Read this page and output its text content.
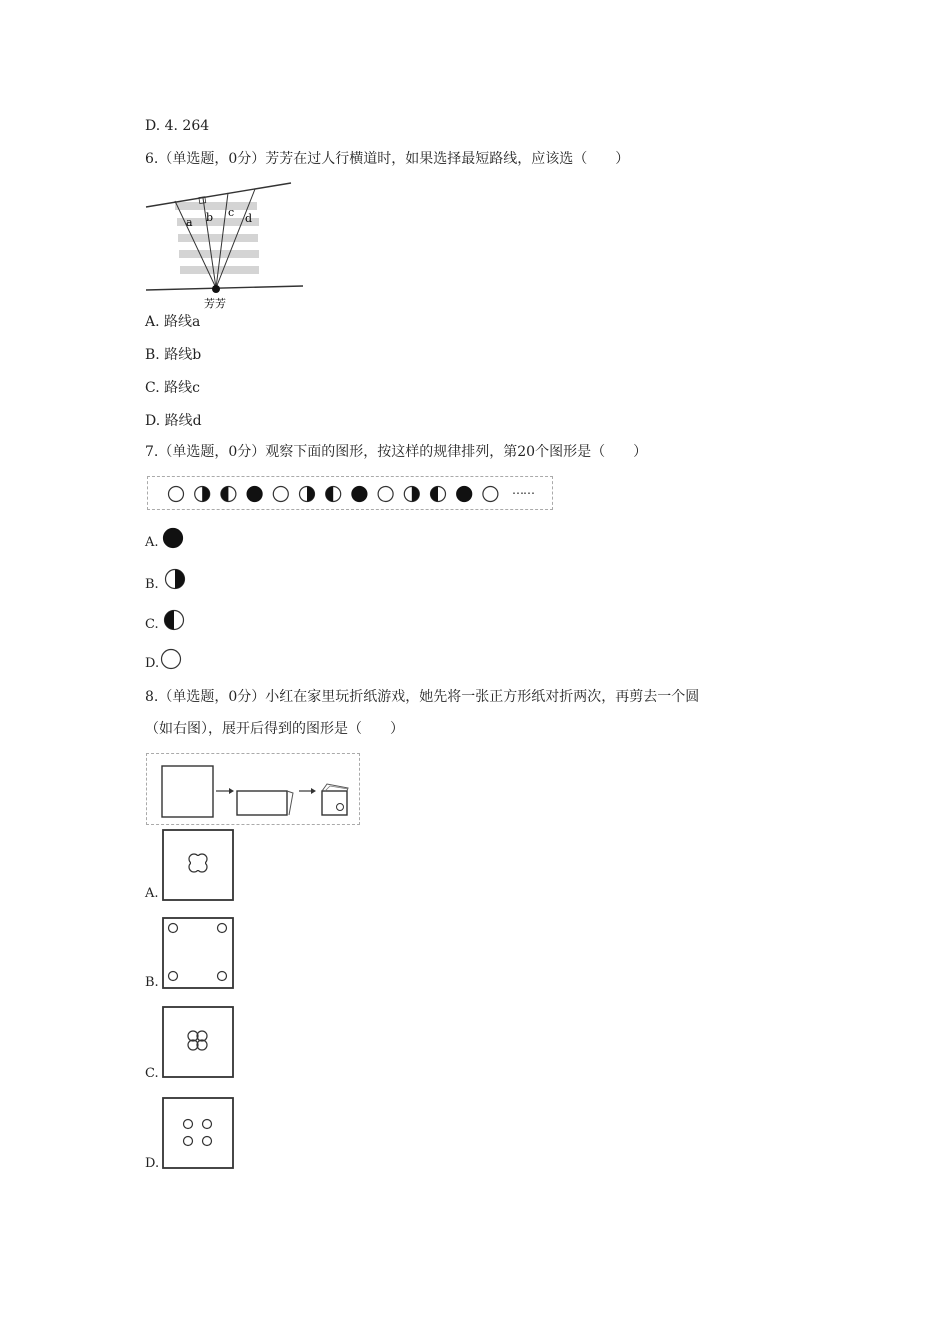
D. 4. 264
6.（单选题，0分）芳芳在过人行横道时，如果选择最短路线，应该选（　　）
a b c d
芳芳
A. 路线a
B. 路线b
C. 路线c
D. 路线d
7.（单选题，0分）观察下面的图形，按这样的规律排列，第20个图形是（　　）
……
A.
B.
C.
D.
8.（单选题，0分）小红在家里玩折纸游戏，她先将一张正方形纸对折两次，再剪去一个圆
（如右图），展开后得到的图形是（　　）
A.
B.
C.
D.
